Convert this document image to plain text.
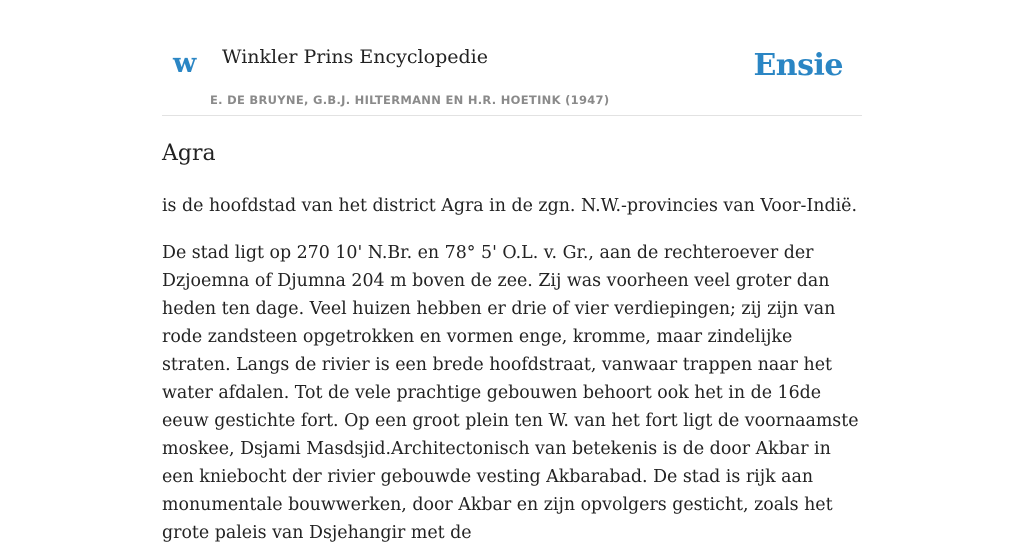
w Winkler Prins Encyclopedie
E. DE BRUYNE, G.B.J. HILTERMANN EN H.R. HOETINK (1947)
Ensie
Agra

is de hoofdstad van het district Agra in de zgn. N.W.-provincies van Voor-Indië.

De stad ligt op 270 10' N.Br. en 78° 5' O.L. v. Gr., aan de rechteroever der Dzjoemna of Djumna 204 m boven de zee. Zij was voorheen veel groter dan heden ten dage. Veel huizen hebben er drie of vier verdiepingen; zij zijn van rode zandsteen opgetrokken en vormen enge, kromme, maar zindelijke straten. Langs de rivier is een brede hoofdstraat, vanwaar trappen naar het water afdalen. Tot de vele prachtige gebouwen behoort ook het in de 16de eeuw gestichte fort. Op een groot plein ten W. van het fort ligt de voornaamste moskee, Dsjami Masdsjid.Architectonisch van betekenis is de door Akbar in een kniebocht der rivier gebouwde vesting Akbarabad. De stad is rijk aan monumentale bouwwerken, door Akbar en zijn opvolgers gesticht, zoals het grote paleis van Dsjehangir met de
